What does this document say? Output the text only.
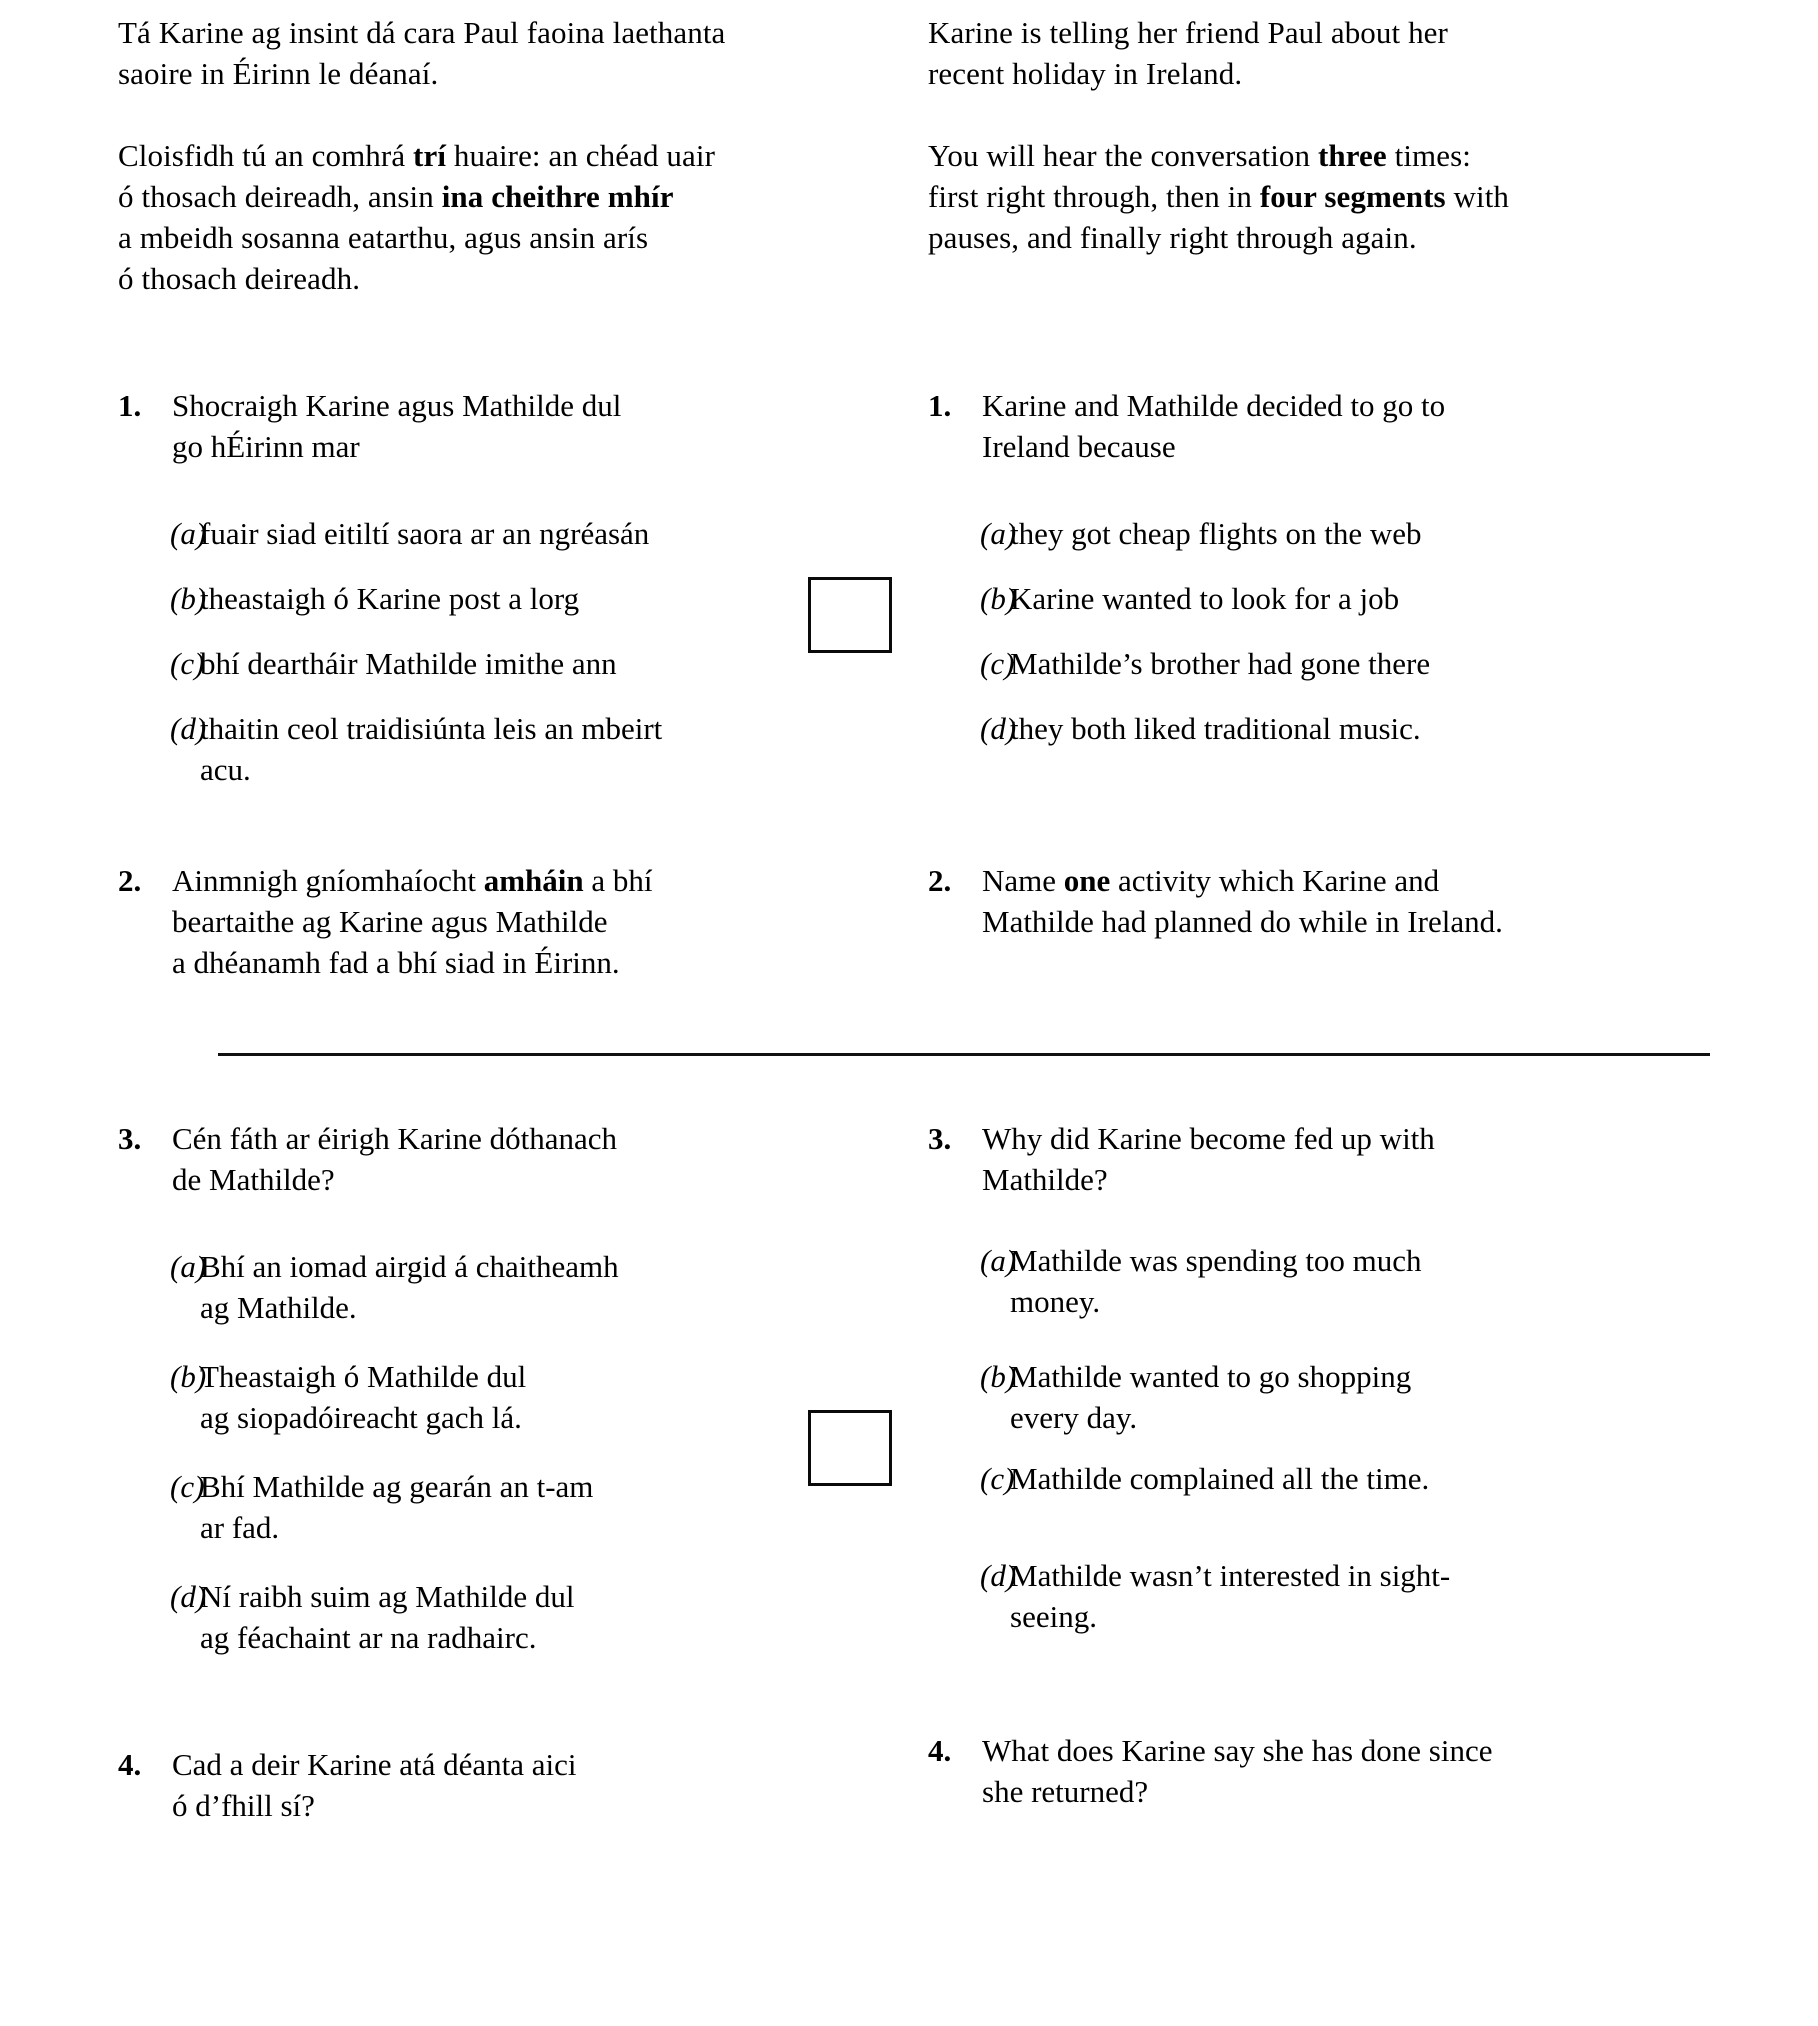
Tá Karine ag insint dá cara Paul faoina laethanta

saoire in Éirinn le déanaí.

Cloisfidh tú an comhrá trí huaire: an chéad uair

ó thosach deireadh, ansin ina cheithre mhír

a mbeidh sosanna eatarthu, agus ansin arís

ó thosach deireadh.

Karine is telling her friend Paul about her

recent holiday in Ireland.

You will hear the conversation three times:

first right through, then in four segments with

pauses, and finally right through again.

1. Shocraigh Karine agus Mathilde dul
go hÉirinn mar
(a)
fuair siad eitiltí saora ar an ngréasán
(b)
theastaigh ó Karine post a lorg
(c)
bhí deartháir Mathilde imithe ann
(d)
thaitin ceol traidisiúnta leis an mbeirt
acu.
1. Karine and Mathilde decided to go to
Ireland because
(a)
they got cheap flights on the web
(b)
Karine wanted to look for a job
(c)
Mathilde’s brother had gone there
(d)
they both liked traditional music.
2. Ainmnigh gníomhaíocht amháin a bhí
beartaithe ag Karine agus Mathilde
a dhéanamh fad a bhí siad in Éirinn.
2. Name one activity which Karine and
Mathilde had planned do while in Ireland.
3. Cén fáth ar éirigh Karine dóthanach
de Mathilde?
(a)
Bhí an iomad airgid á chaitheamh
ag Mathilde.
(b)
Theastaigh ó Mathilde dul
ag siopadóireacht gach lá.
(c)
Bhí Mathilde ag gearán an t-am
ar fad.
(d)
Ní raibh suim ag Mathilde dul
ag féachaint ar na radhairc.
3. Why did Karine become fed up with
Mathilde?
(a)
Mathilde was spending too much
money.
(b)
Mathilde wanted to go shopping
every day.
(c)
Mathilde complained all the time.
(d)
Mathilde wasn’t interested in sight-
seeing.
4. Cad a deir Karine atá déanta aici
ó d’fhill sí?
4. What does Karine say she has done since
she returned?
